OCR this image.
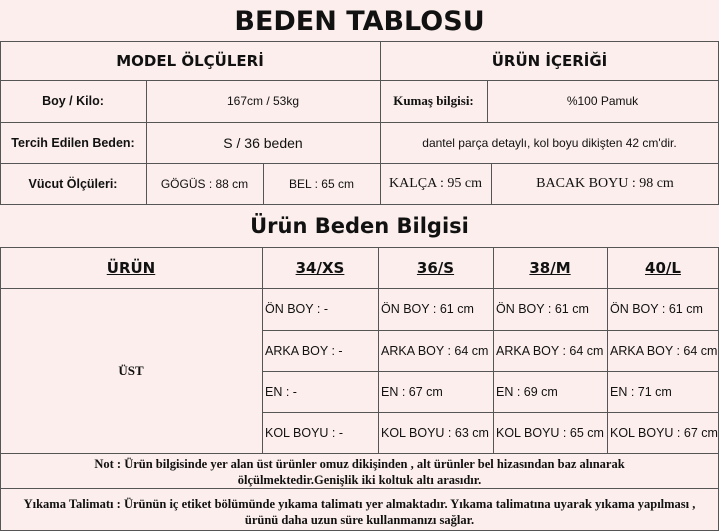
BEDEN TABLOSU
MODEL ÖLÇÜLERİ	ÜRÜN İÇERİĞİ
Boy / Kilo:	167cm / 53kg	Kumaş bilgisi:	%100 Pamuk
Tercih Edilen Beden:	S / 36 beden	dantel parça detaylı, kol boyu dikişten 42 cm'dir.
Vücut Ölçüleri:	GÖGÜS : 88 cm	BEL : 65 cm	KALÇA : 95 cm	BACAK BOYU : 98 cm
Ürün Beden Bilgisi
ÜRÜN	34/XS	36/S	38/M	40/L
ÜST
ÖN BOY : -	ÖN BOY : 61 cm	ÖN BOY : 61 cm	ÖN BOY : 61 cm
ARKA BOY : -	ARKA BOY : 64 cm ARKA BOY : 64 cm ARKA BOY : 64 cm
EN : -	EN : 67 cm	EN : 69 cm	EN : 71 cm
KOL BOYU : -	KOL BOYU : 63 cm KOL BOYU : 65 cm KOL BOYU : 67 cm
Not : Ürün bilgisinde yer alan üst ürünler omuz dikişinden , alt ürünler bel hizasından baz alınarak ölçülmektedir.Genişlik iki koltuk altı arasıdır.
Yıkama Talimatı : Ürünün iç etiket bölümünde yıkama talimatı yer almaktadır. Yıkama talimatına uyarak yıkama yapılması , ürünü daha uzun süre kullanmanızı sağlar.
